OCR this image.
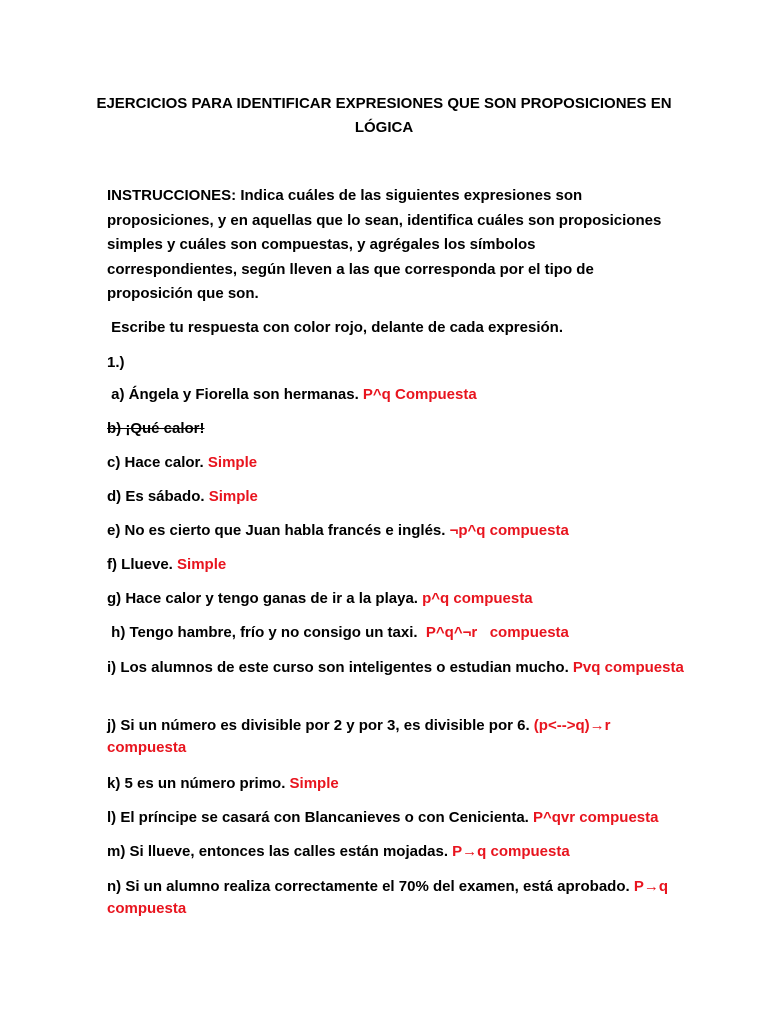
EJERCICIOS PARA IDENTIFICAR EXPRESIONES QUE SON PROPOSICIONES EN
LÓGICA
INSTRUCCIONES: Indica cuáles de las siguientes expresiones son proposiciones, y en aquellas que lo sean, identifica cuáles son proposiciones simples y cuáles son compuestas, y agrégales los símbolos correspondientes, según lleven a las que corresponda por el tipo de proposición que son.
Escribe tu respuesta con color rojo, delante de cada expresión.
1.)
a) Ángela y Fiorella son hermanas. P^q Compuesta
b) ¡Qué calor!
c) Hace calor. Simple
d) Es sábado. Simple
e) No es cierto que Juan habla francés e inglés. ¬p^q compuesta
f) Llueve. Simple
g) Hace calor y tengo ganas de ir a la playa. p^q compuesta
h) Tengo hambre, frío y no consigo un taxi.  P^q^¬r   compuesta
i) Los alumnos de este curso son inteligentes o estudian mucho. Pvq compuesta
j) Si un número es divisible por 2 y por 3, es divisible por 6. (p<-->q)→r compuesta
k) 5 es un número primo. Simple
l) El príncipe se casará con Blancanieves o con Cenicienta. P^qvr compuesta
m) Si llueve, entonces las calles están mojadas. P→q compuesta
n) Si un alumno realiza correctamente el 70% del examen, está aprobado. P→q compuesta
